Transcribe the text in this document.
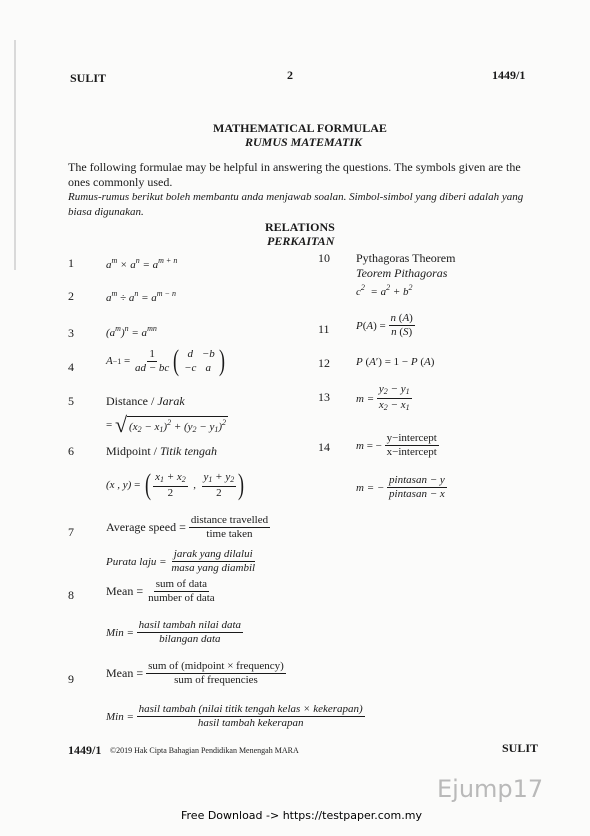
SULIT	2	1449/1
MATHEMATICAL FORMULAE
RUMUS MATEMATIK
The following formulae may be helpful in answering the questions. The symbols given are the ones commonly used.
Rumus-rumus berikut boleh membantu anda menjawab soalan. Simbol-simbol yang diberi adalah yang biasa digunakan.
RELATIONS
PERKAITAN
1
2
3
4
5
6
7
8
9
$a^m \times a^n = a^{m + n}$
$a^m \div a^n = a^{m - n}$
$(a^m)^n = a^{mn}$
$A -1 = \frac{1}{ad - bc}$ ( d −b
−c a )
Distance / Jarak
= √ $(x_2 - x_1)^2 + (y_2 - y_1)^2$
Midpoint / Titik tengah
(x , y) = ( $\frac{x_1 + x_2}{2}$ , $\frac{y_1 + y_2}{2}$ )
Average speed =
$\frac{\text{distance travelled}}{\text{time taken}}$
Purata laju =
$\frac{\text{jarak yang dilalui}}{\text{masa yang diambil}}$
Mean =
$\frac{\text{sum of data}}{\text{number of data}}$
Min =
$\frac{\text{hasil tambah nilai data}}{\text{bilangan data}}$
Mean =
$\frac{\text{sum of (midpoint × frequency)}}{\text{sum of frequencies}}$
Min =
$\frac{\text{hasil tambah (nilai titik tengah kelas × kekerapan)}}{\text{hasil tambah kekerapan}}$
10
11
12
13
14
Pythagoras Theorem
Teorem Pithagoras
$c^2 = a^2 + b^2$
P ( A ) = $\frac{n (A)}{n (S)}$
P (A′) = 1 − P (A)
$m = \frac{y_2 - y_1}{x_2 - x_1}$
m = − $\frac{\text{y−intercept}}{\text{x−intercept}}$
m = − $\frac{\text{pintasan − y}}{\text{pintasan − x}}$
1449/1 ©2019 Hak Cipta Bahagian Pendidikan Menengah MARA	SULIT
Ejump17
Free Download -> https://testpaper.com.my
